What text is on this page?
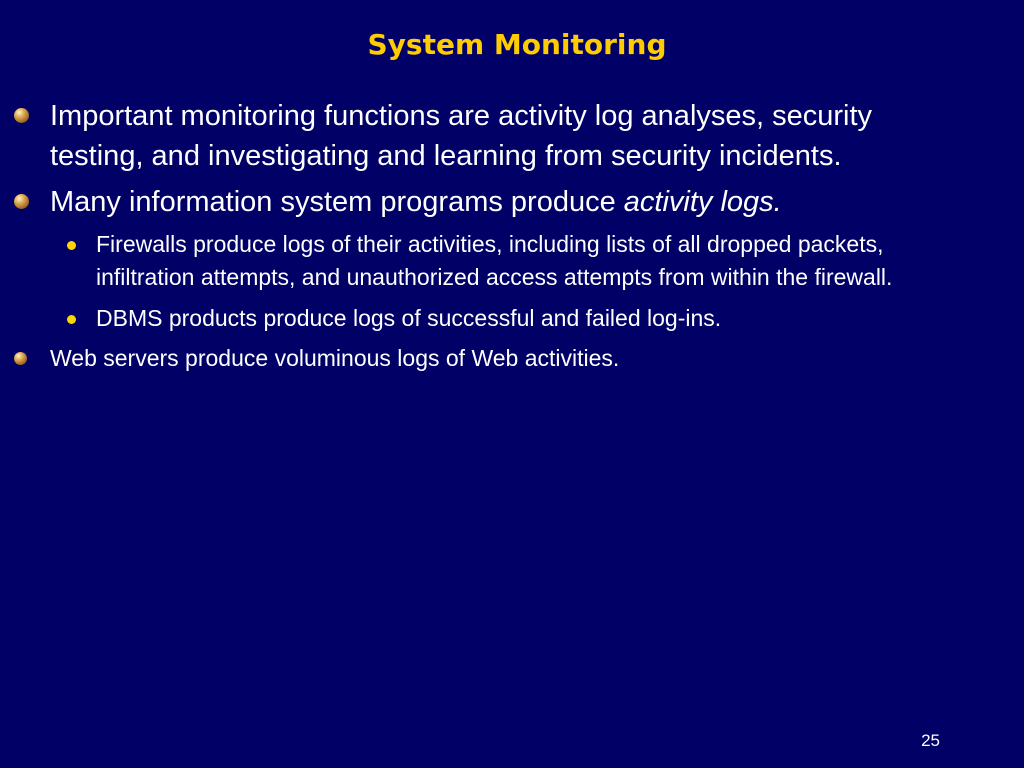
System Monitoring
Important monitoring functions are activity log analyses, security testing, and investigating and learning from security incidents.
Many information system programs produce activity logs.
Firewalls produce logs of their activities, including lists of all dropped packets, infiltration attempts, and unauthorized access attempts from within the firewall.
DBMS products produce logs of successful and failed log-ins.
Web servers produce voluminous logs of Web activities.
25
